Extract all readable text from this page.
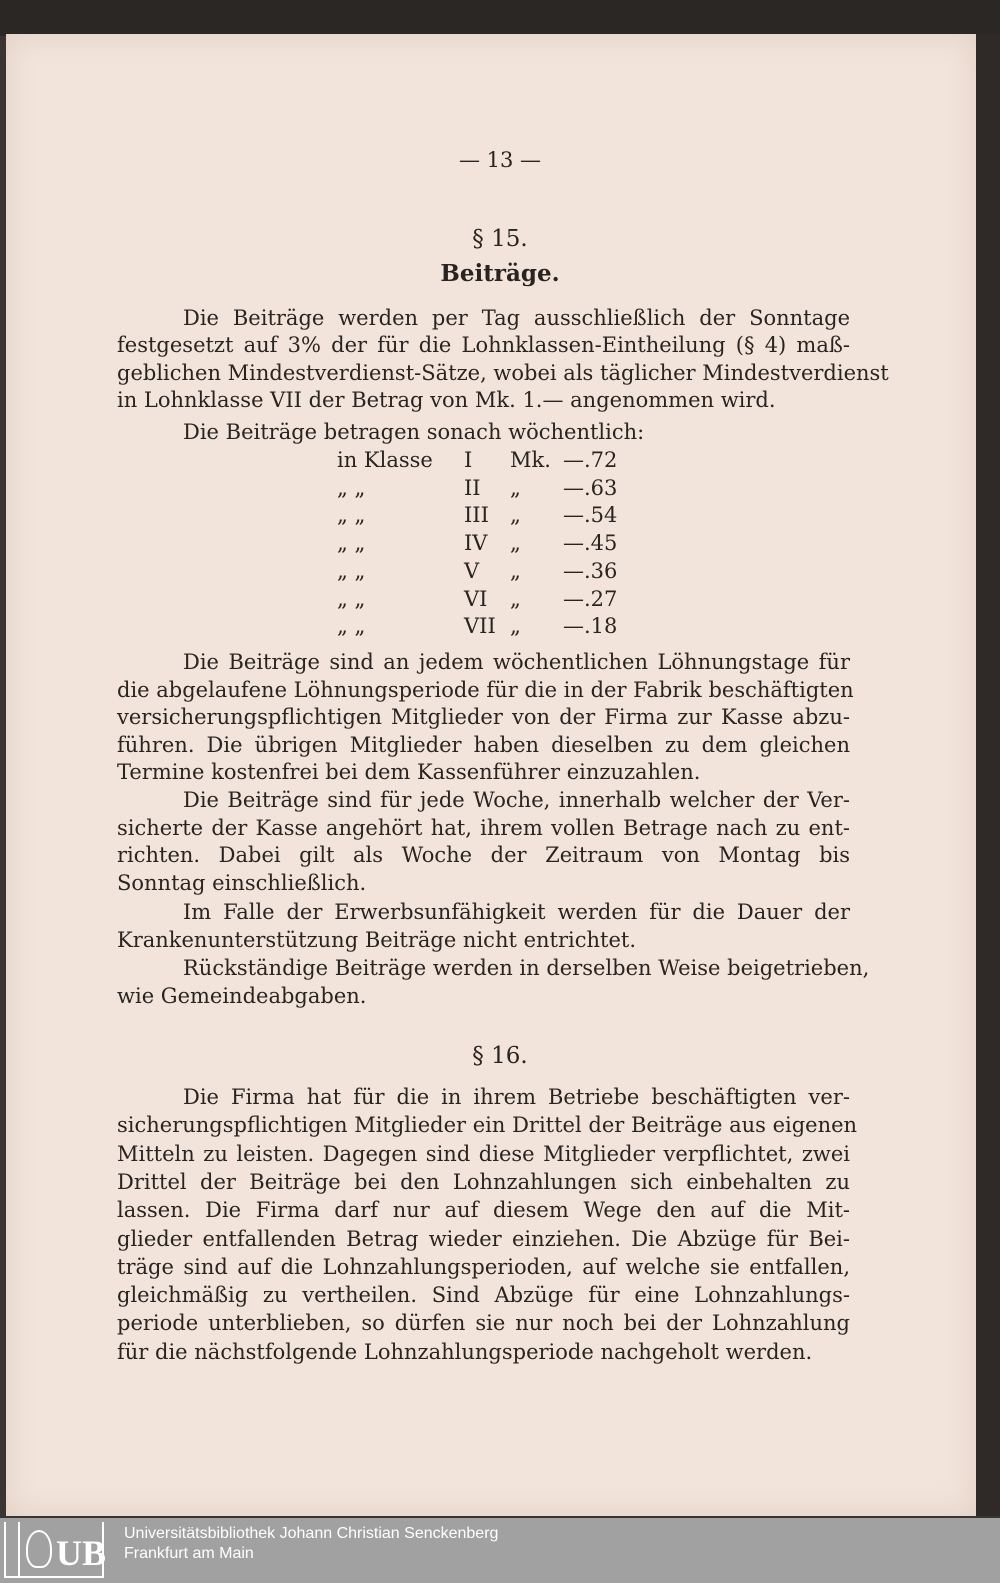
— 13 —
§ 15.
Beiträge.
Die Beiträge werden per Tag ausschließlich der Sonntage
festgesetzt auf 3% der für die Lohnklassen-Eintheilung (§ 4) maß-
geblichen Mindestverdienst-Sätze, wobei als täglicher Mindestverdienst
in Lohnklasse VII der Betrag von Mk. 1.— angenommen wird.
Die Beiträge betragen sonach wöchentlich:
in Klasse I Mk. —.72
„ „	II „ —.63
„ „	III „ —.54
„ „	IV „ —.45
„ „	V „ —.36
„ „	VI „ —.27
„ „	VII „ —.18
Die Beiträge sind an jedem wöchentlichen Löhnungstage für
die abgelaufene Löhnungsperiode für die in der Fabrik beschäftigten
versicherungspflichtigen Mitglieder von der Firma zur Kasse abzu-
führen. Die übrigen Mitglieder haben dieselben zu dem gleichen
Termine kostenfrei bei dem Kassenführer einzuzahlen.
Die Beiträge sind für jede Woche, innerhalb welcher der Ver-
sicherte der Kasse angehört hat, ihrem vollen Betrage nach zu ent-
richten. Dabei gilt als Woche der Zeitraum von Montag bis
Sonntag einschließlich.
Im Falle der Erwerbsunfähigkeit werden für die Dauer der
Krankenunterstützung Beiträge nicht entrichtet.
Rückständige Beiträge werden in derselben Weise beigetrieben,
wie Gemeindeabgaben.
Die Firma hat für die in ihrem Betriebe beschäftigten ver-
sicherungspflichtigen Mitglieder ein Drittel der Beiträge aus eigenen
Mitteln zu leisten. Dagegen sind diese Mitglieder verpflichtet, zwei
Drittel der Beiträge bei den Lohnzahlungen sich einbehalten zu
lassen. Die Firma darf nur auf diesem Wege den auf die Mit-
glieder entfallenden Betrag wieder einziehen. Die Abzüge für Bei-
träge sind auf die Lohnzahlungsperioden, auf welche sie entfallen,
gleichmäßig zu vertheilen. Sind Abzüge für eine Lohnzahlungs-
periode unterblieben, so dürfen sie nur noch bei der Lohnzahlung
für die nächstfolgende Lohnzahlungsperiode nachgeholt werden.
§ 16.
UB Universitätsbibliothek Johann Christian Senckenberg
Frankfurt am Main
